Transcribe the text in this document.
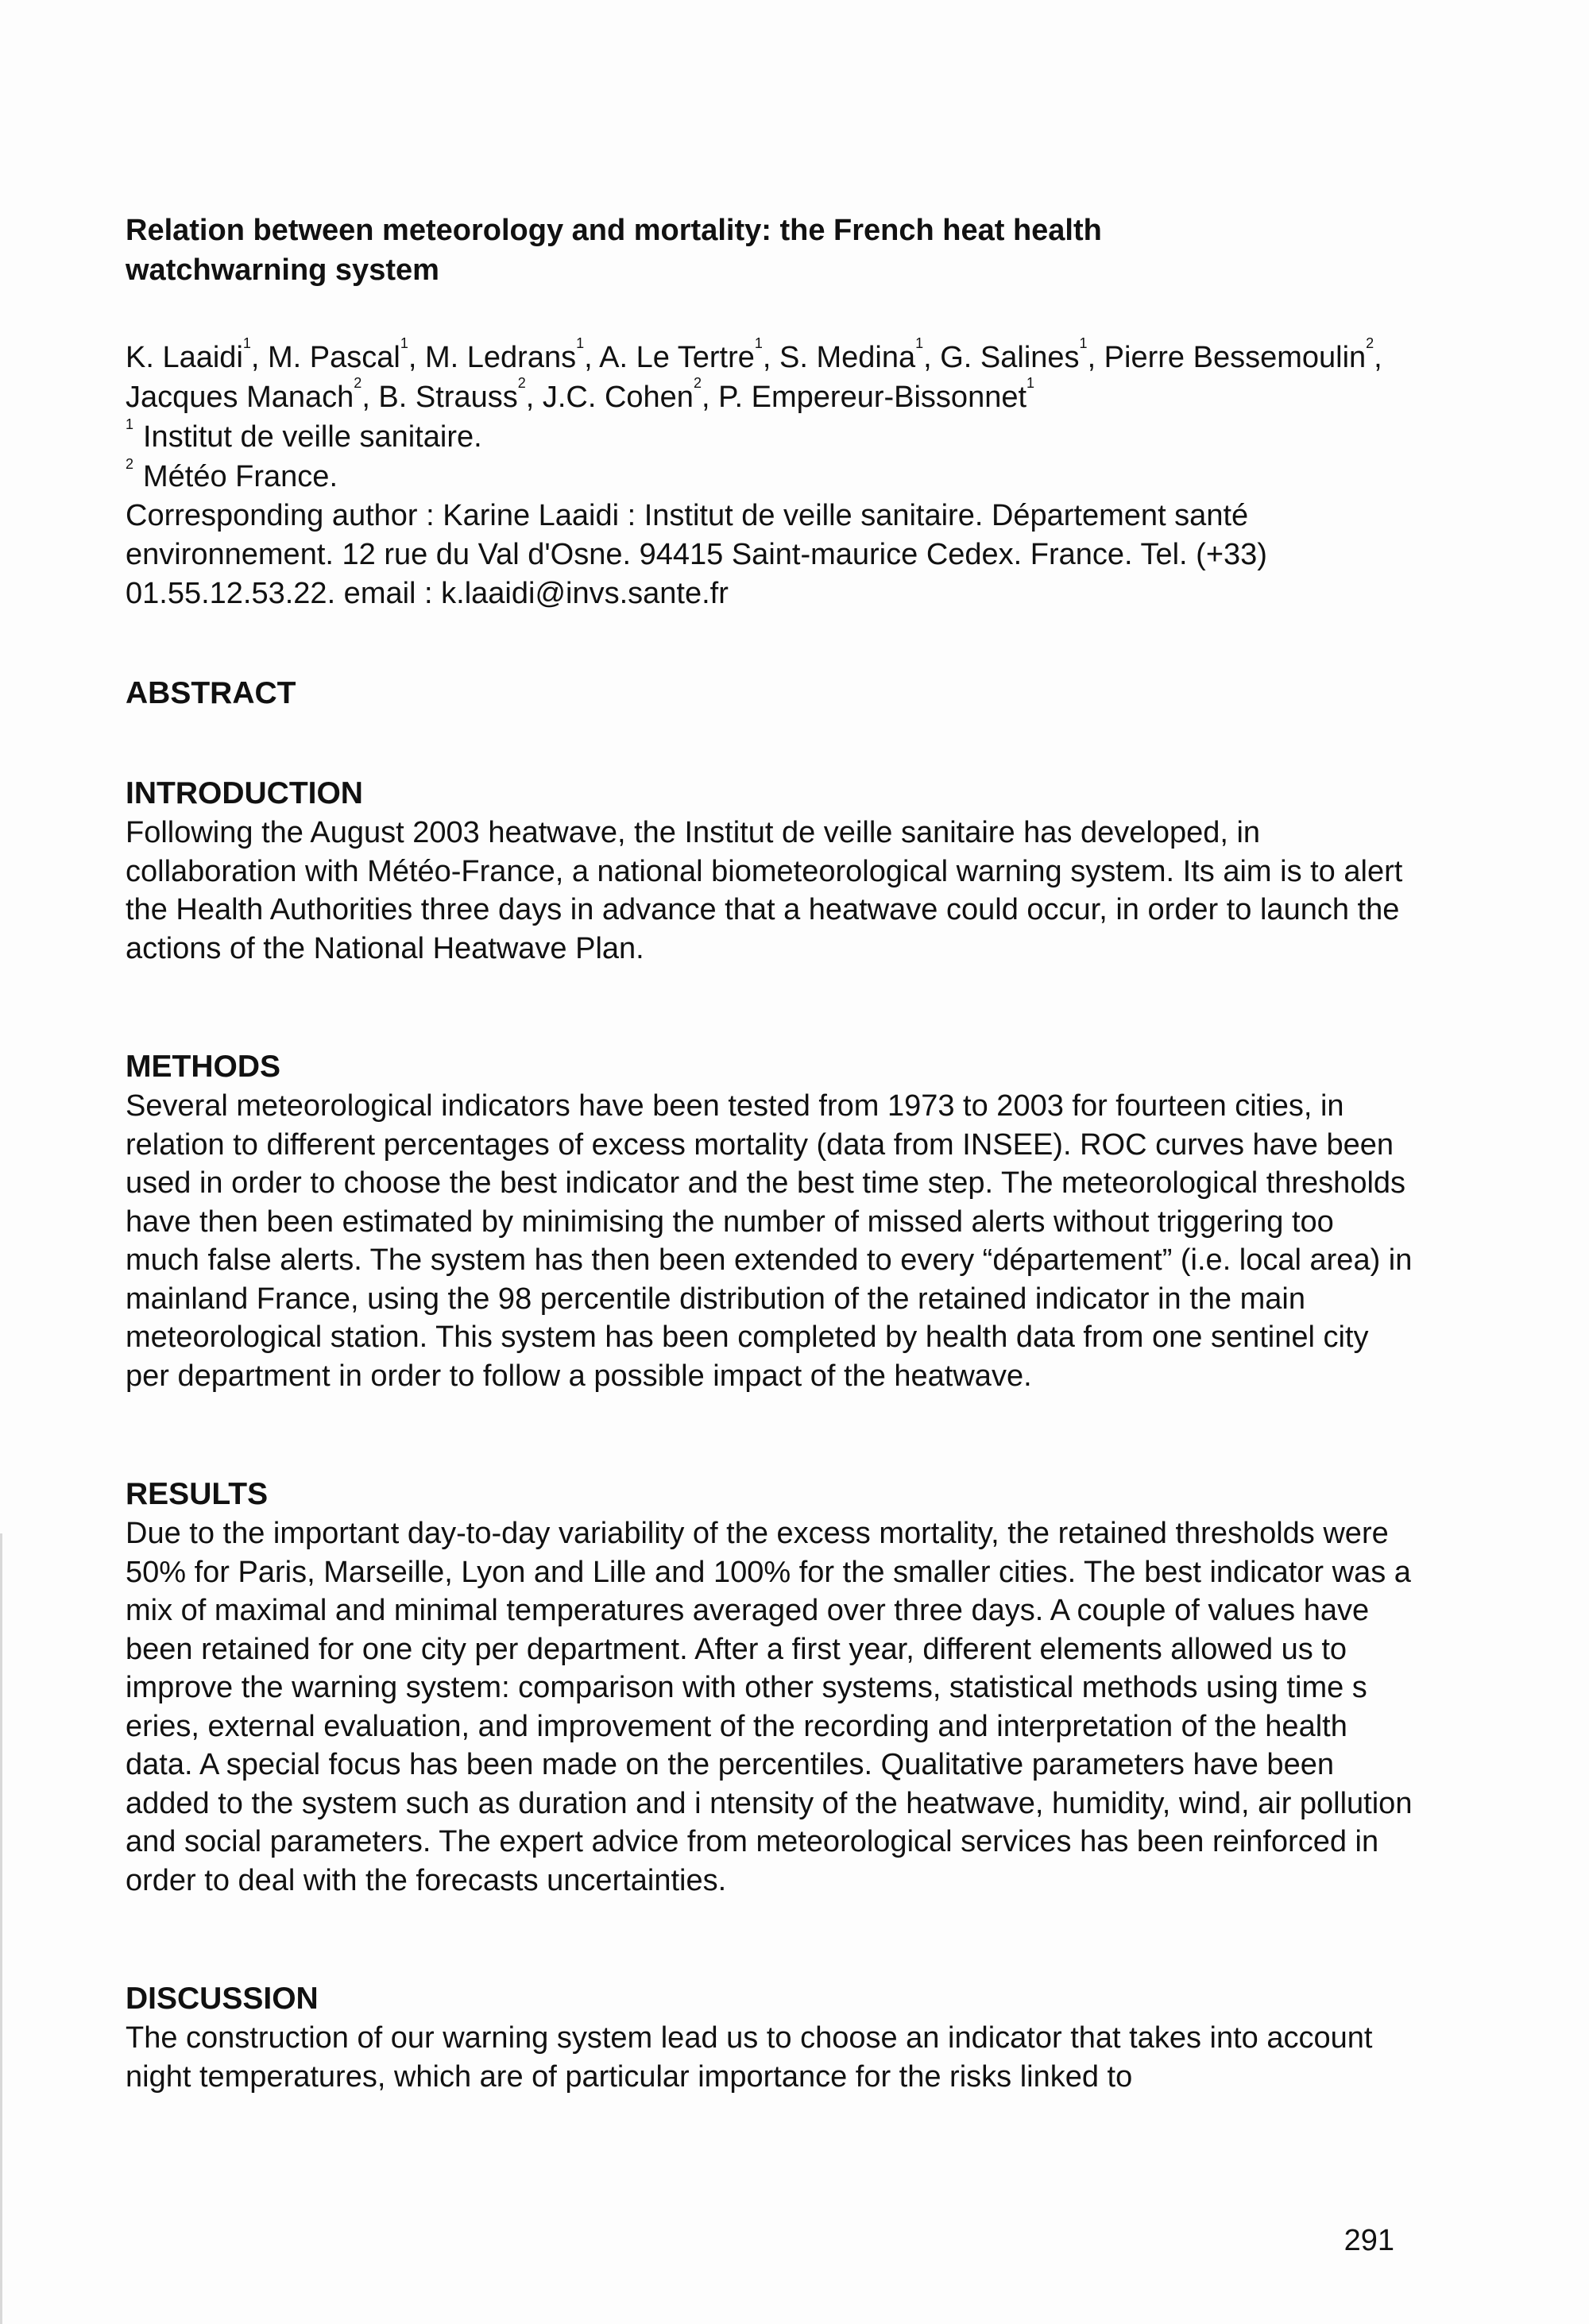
Relation between meteorology and mortality: the French heat health watchwarning system

K. Laaidi$^1$, M. Pascal$^1$, M. Ledrans$^1$, A. Le Tertre$^1$, S. Medina$^1$, G. Salines$^1$, Pierre Bessemoulin$^2$, Jacques Manach$^2$, B. Strauss$^2$, J.C. Cohen$^2$, P. Empereur-Bissonnet$^1$

1 Institut de veille sanitaire.

2 Météo France.

Corresponding author : Karine Laaidi : Institut de veille sanitaire. Département santé environnement. 12 rue du Val d'Osne. 94415 Saint-maurice Cedex. France. Tel. (+33) 01.55.12.53.22. email : k.laaidi@invs.sante.fr

ABSTRACT
INTRODUCTION

Following the August 2003 heatwave, the Institut de veille sanitaire has developed, in collaboration with Météo-France, a national biometeorological warning system. Its aim is to alert the Health Authorities three days in advance that a heatwave could occur, in order to launch the actions of the National Heatwave Plan.

METHODS

Several meteorological indicators have been tested from 1973 to 2003 for fourteen cities, in relation to different percentages of excess mortality (data from INSEE). ROC curves have been used in order to choose the best indicator and the best time step. The meteorological thresholds have then been estimated by minimising the number of missed alerts without triggering too much false alerts. The system has then been extended to every “département” (i.e. local area) in mainland France, using the 98 percentile distribution of the retained indicator in the main meteorological station. This system has been completed by health data from one sentinel city per department in order to follow a possible impact of the heatwave.

RESULTS

Due to the important day-to-day variability of the excess mortality, the retained thresholds were 50% for Paris, Marseille, Lyon and Lille and 100% for the smaller cities. The best indicator was a mix of maximal and minimal temperatures averaged over three days. A couple of values have been retained for one city per department. After a first year, different elements allowed us to improve the warning system: comparison with other systems, statistical methods using time s eries, external evaluation, and improvement of the recording and interpretation of the health data. A special focus has been made on the percentiles. Qualitative parameters have been added to the system such as duration and i ntensity of the heatwave, humidity, wind, air pollution and social parameters. The expert advice from meteorological services has been reinforced in order to deal with the forecasts uncertainties.

DISCUSSION

The construction of our warning system lead us to choose an indicator that takes into account night temperatures, which are of particular importance for the risks linked to

291
